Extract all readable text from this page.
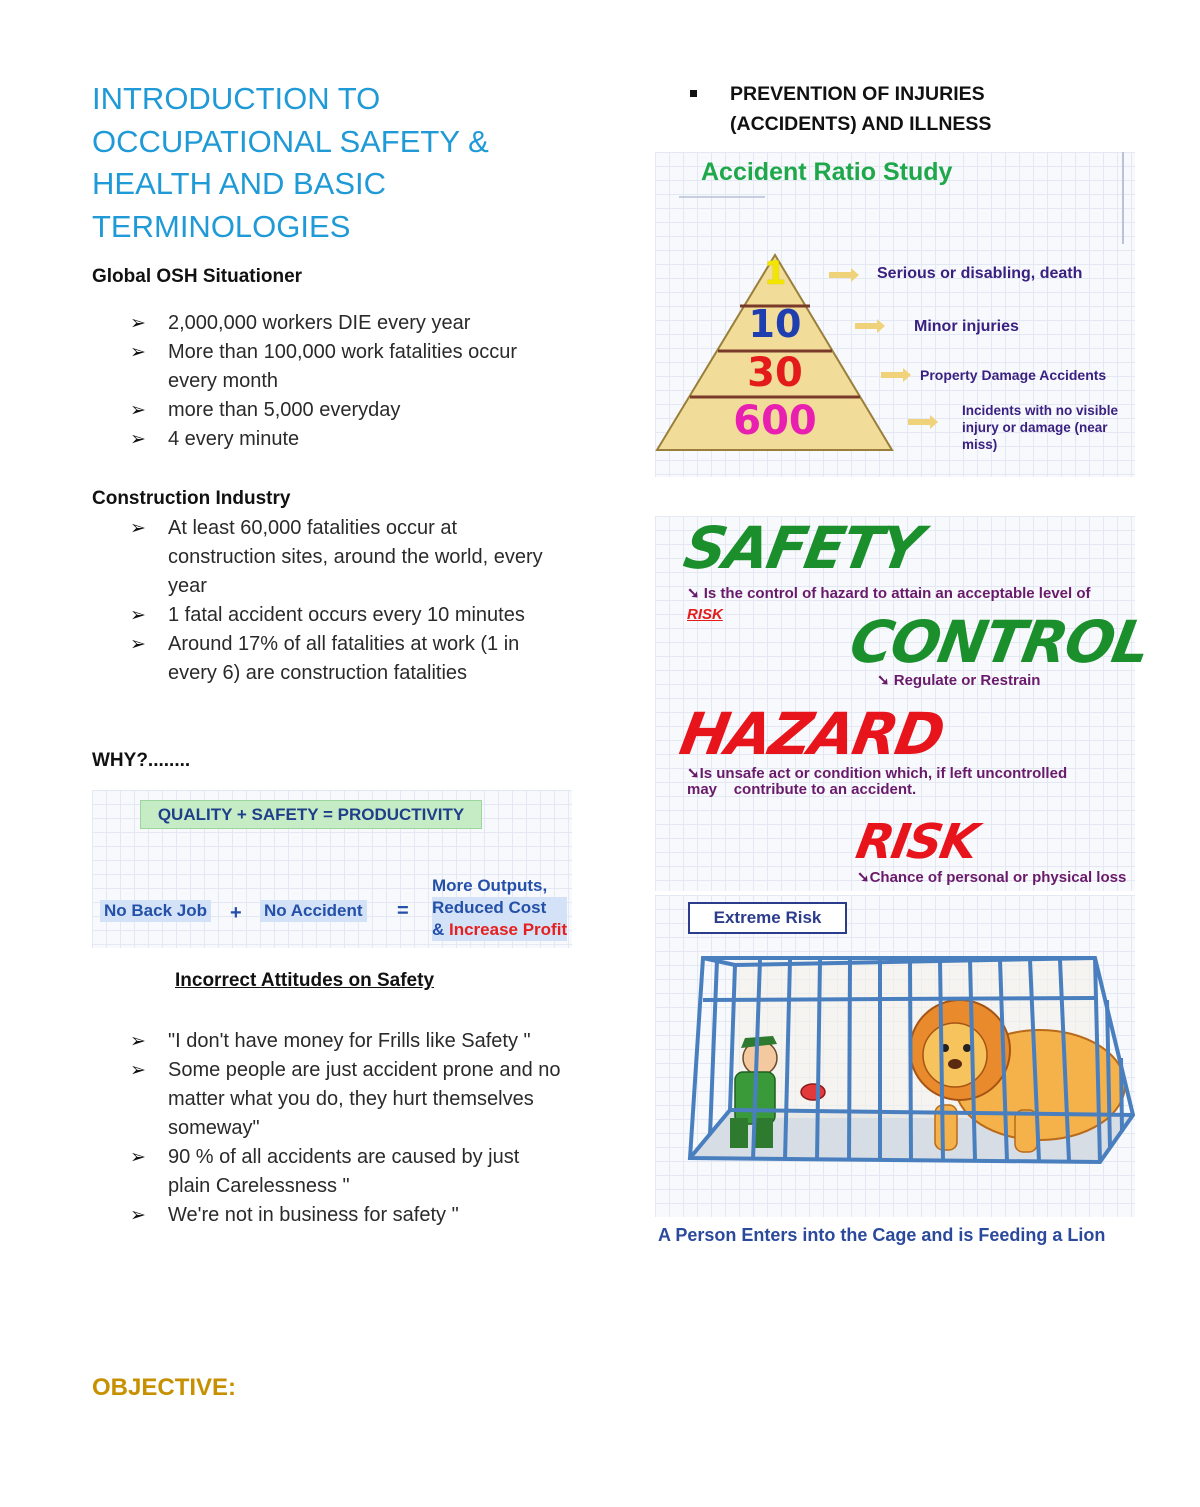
INTRODUCTION TO
OCCUPATIONAL SAFETY &
HEALTH AND BASIC
TERMINOLOGIES
Global OSH Situationer
➢ 2,000,000 workers DIE every year
➢ More than 100,000 work fatalities occur every month
➢ more than 5,000 everyday
➢ 4 every minute
Construction Industry
➢ At least 60,000 fatalities occur at construction sites, around the world, every year
➢ 1 fatal accident occurs every 10 minutes
➢ Around 17% of all fatalities at work (1 in every 6) are construction fatalities
WHY?........
QUALITY + SAFETY = PRODUCTIVITY
No Back Job + No Accident =
More Outputs,
Reduced Cost
& Increase Profit
Incorrect Attitudes on Safety
➢ "I don't have money for Frills like Safety "
➢ Some people are just accident prone and no matter what you do, they hurt themselves someway"
➢ 90 % of all accidents are caused by just plain Carelessness "
➢ We're not in business for safety "
OBJECTIVE:
PREVENTION OF INJURIES
(ACCIDENTS) AND ILLNESS
Accident Ratio Study
1
10
30
600
Serious or disabling, death
Minor injuries
Property Damage Accidents
Incidents with no visible injury or damage (near miss)
SAFETY
➘ Is the control of hazard to attain an acceptable level of
RISK CONTROL
➘ Regulate or Restrain
HAZARD
➘Is unsafe act or condition which, if left uncontrolled
may    contribute to an accident.
RISK
➘Chance of personal or physical loss
Extreme Risk
A Person Enters into the Cage and is Feeding a Lion
